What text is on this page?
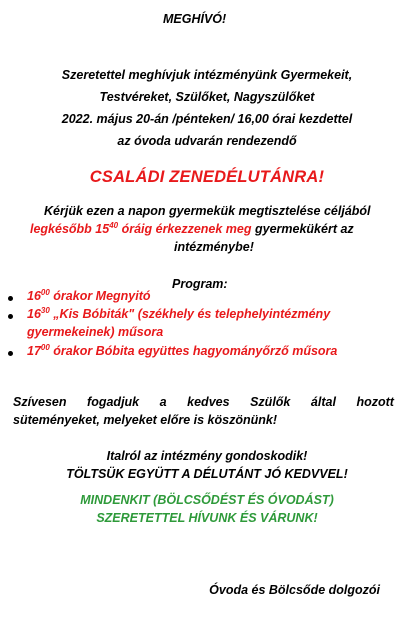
MEGHÍVÓ!
Szeretettel meghívjuk intézményünk Gyermekeit,
Testvéreket, Szülőket, Nagyszülőket
2022. május 20-án /pénteken/ 16,00 órai kezdettel
az óvoda udvarán rendezendő
CSALÁDI ZENEDÉLUTÁNRA!
Kérjük ezen a napon gyermekük megtisztelése céljából
legkésőbb $15^{40}$ óráig érkezzenek meg gyermekükért az
intézménybe!
Program:
$16^{00}$ órakor Megnyitó
$16^{30}$ „Kis Bóbiták" (székhely és telephelyintézmény
gyermekeinek) műsora
$17^{00}$ órakor Bóbita együttes hagyományőrző műsora
Szívesen fogadjuk a kedves Szülők által hozott
süteményeket, melyeket előre is köszönünk!
Italról az intézmény gondoskodik!
TÖLTSÜK EGYÜTT A DÉLUTÁNT JÓ KEDVVEL!
MINDENKIT (BÖLCSŐDÉST ÉS ÓVODÁST)
SZERETETTEL HÍVUNK ÉS VÁRUNK!
Óvoda és Bölcsőde dolgozói
